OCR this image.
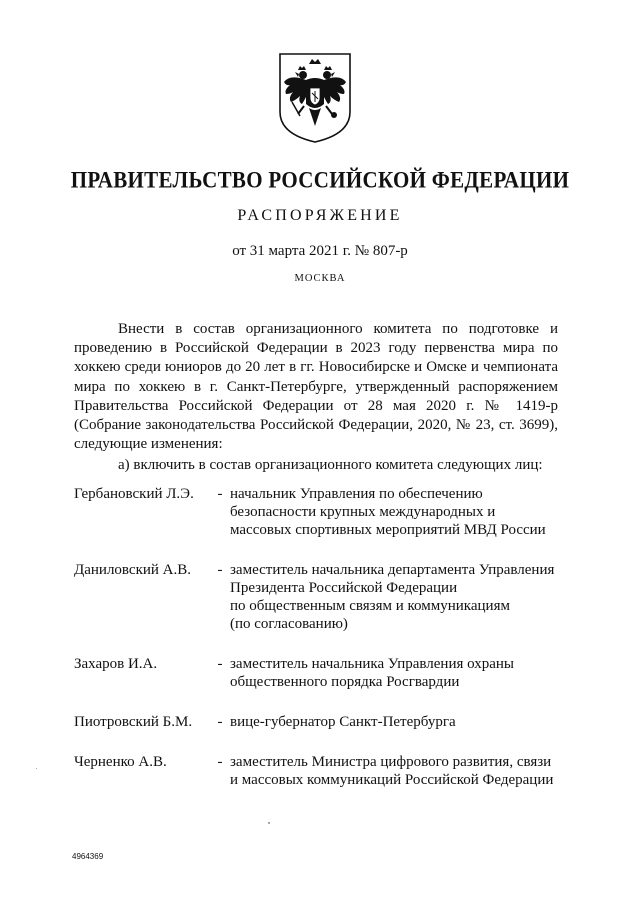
ПРАВИТЕЛЬСТВО РОССИЙСКОЙ ФЕДЕРАЦИИ
РАСПОРЯЖЕНИЕ
от 31 марта 2021 г. № 807-р
МОСКВА
Внести в состав организационного комитета по подготовке и проведению в Российской Федерации в 2023 году первенства мира по хоккею среди юниоров до 20 лет в гг. Новосибирске и Омске и чемпионата мира по хоккею в г. Санкт-Петербурге, утвержденный распоряжением Правительства Российской Федерации от 28 мая 2020 г. № 1419-р (Собрание законодательства Российской Федерации, 2020, № 23, ст. 3699), следующие изменения:
а) включить в состав организационного комитета следующих лиц:
Гербановский Л.Э.	- начальник Управления по обеспечению
безопасности крупных международных и
массовых спортивных мероприятий МВД России
Даниловский А.В.	- заместитель начальника департамента Управления
Президента Российской Федерации
по общественным связям и коммуникациям
(по согласованию)
Захаров И.А.	- заместитель начальника Управления охраны
общественного порядка Росгвардии
Пиотровский Б.М.	- вице-губернатор Санкт-Петербурга
Черненко А.В.	- заместитель Министра цифрового развития, связи
и массовых коммуникаций Российской Федерации
4964369
